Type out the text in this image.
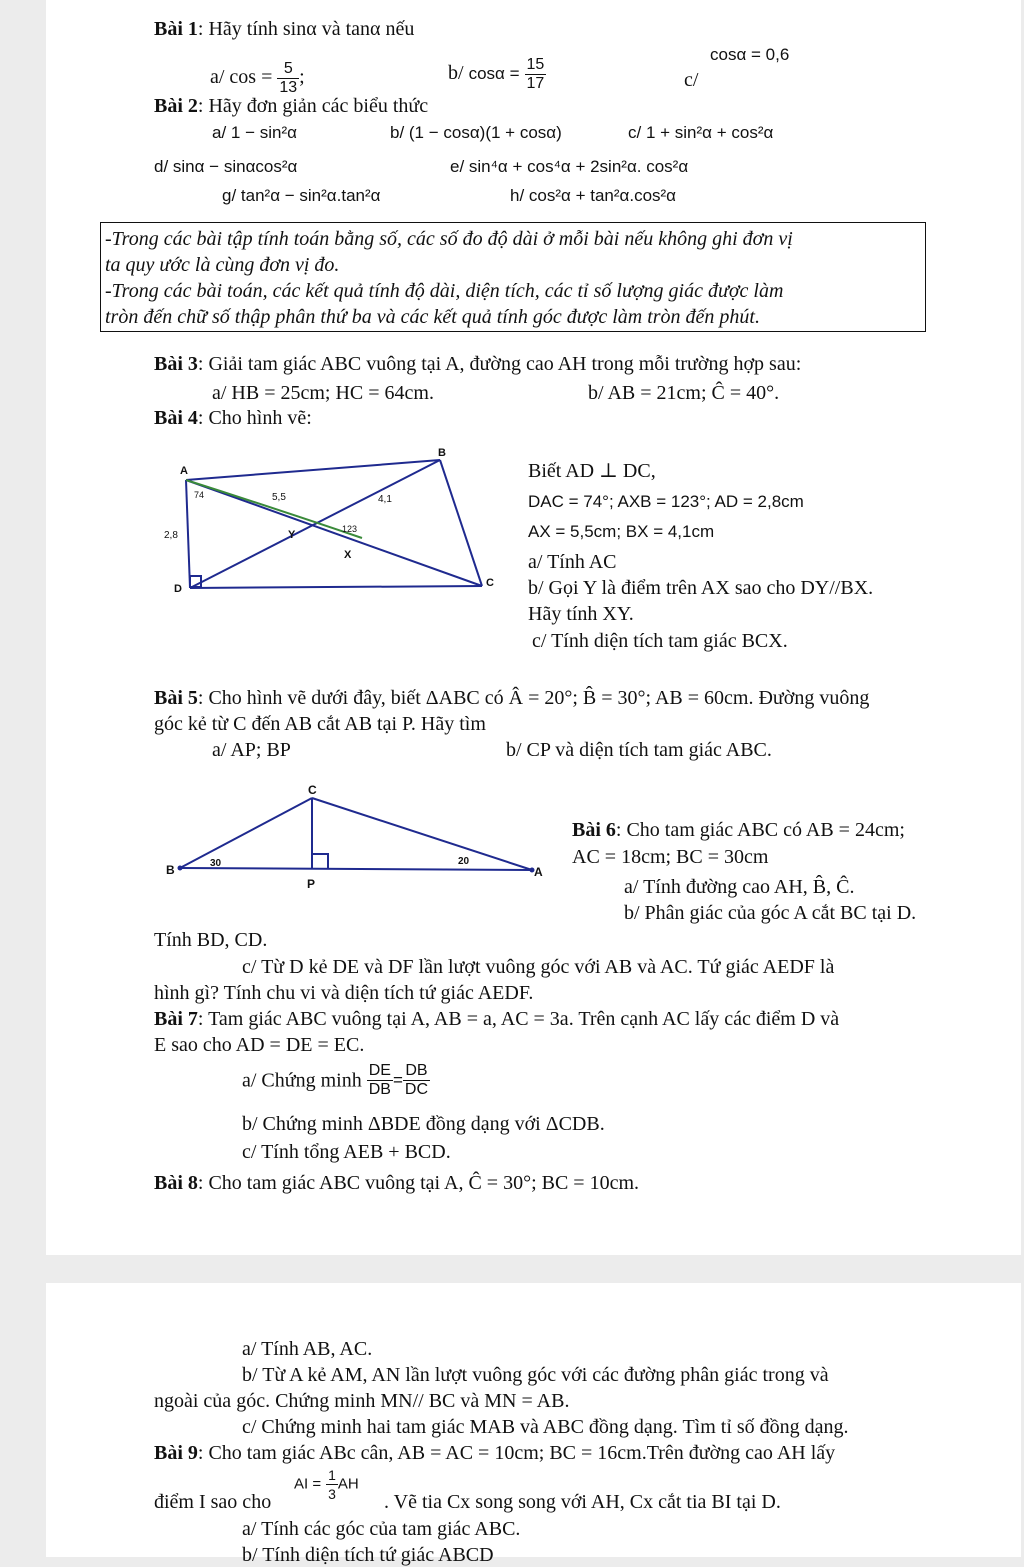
Bài 1: Hãy tính sinα và tanα nếu
a/ $\cos = \frac{5}{13}$ ;	b/ $\cos\alpha = \frac{15}{17}$	c/
cosα = 0,6
Bài 2: Hãy đơn giản các biểu thức
a/ 1 − sin²α	b/ (1 − cosα)(1 + cosα)	c/ 1 + sin²α + cos²α
d/ sinα − sinαcos²α	e/ sin⁴α + cos⁴α + 2sin²α. cos²α
g/ tan²α − sin²α.tan²α	h/ cos²α + tan²α.cos²α
-Trong các bài tập tính toán bằng số, các số đo độ dài ở mỗi bài nếu không ghi đơn vị
ta quy ước là cùng đơn vị đo.
-Trong các bài toán, các kết quả tính độ dài, diện tích, các tỉ số lượng giác được làm
tròn đến chữ số thập phân thứ ba và các kết quả tính góc được làm tròn đến phút.
Bài 3: Giải tam giác ABC vuông tại A, đường cao AH trong mỗi trường hợp sau:
a/ HB = 25cm; HC = 64cm.	b/ AB = 21cm; Ĉ = 40°.
Bài 4: Cho hình vẽ:
A
B
C
D
X
Y
74	5,5	4,1
123
2,8
Biết AD ⊥ DC,
DAC = 74°; AXB = 123°; AD = 2,8cm
AX = 5,5cm; BX = 4,1cm
a/ Tính AC
b/ Gọi Y là điểm trên AX sao cho DY//BX.
Hãy tính XY.
c/ Tính diện tích tam giác BCX.
Bài 5: Cho hình vẽ dưới đây, biết ΔABC có Â = 20°; B̂ = 30°; AB = 60cm. Đường vuông
góc kẻ từ C đến AB cắt AB tại P. Hãy tìm
a/ AP; BP	b/ CP và diện tích tam giác ABC.
B
C
P
A
30	20
Bài 6: Cho tam giác ABC có AB = 24cm;
AC = 18cm; BC = 30cm
a/ Tính đường cao AH, B̂, Ĉ.
b/ Phân giác của góc A cắt BC tại D.
Tính BD, CD.
c/ Từ D kẻ DE và DF lần lượt vuông góc với AB và AC. Tứ giác AEDF là
hình gì? Tính chu vi và diện tích tứ giác AEDF.
Bài 7: Tam giác ABC vuông tại A, AB = a, AC = 3a. Trên cạnh AC lấy các điểm D và
E sao cho AD = DE = EC.
a/ Chứng minh $\frac{DE}{DB} = \frac{DB}{DC}$
b/ Chứng minh ΔBDE đồng dạng với ΔCDB.
c/ Tính tổng AEB + BCD.
Bài 8: Cho tam giác ABC vuông tại A, Ĉ = 30°; BC = 10cm.
a/ Tính AB, AC.
b/ Từ A kẻ AM, AN lần lượt vuông góc với các đường phân giác trong và
ngoài của góc. Chứng minh MN// BC và MN = AB.
c/ Chứng minh hai tam giác MAB và ABC đồng dạng. Tìm tỉ số đồng dạng.
Bài 9: Cho tam giác ABc cân, AB = AC = 10cm; BC = 16cm.Trên đường cao AH lấy
điểm I sao cho
AI = $\frac{1}{3}$ AH
. Vẽ tia Cx song song với AH, Cx cắt tia BI tại D.
a/ Tính các góc của tam giác ABC.
b/ Tính diện tích tứ giác ABCD
